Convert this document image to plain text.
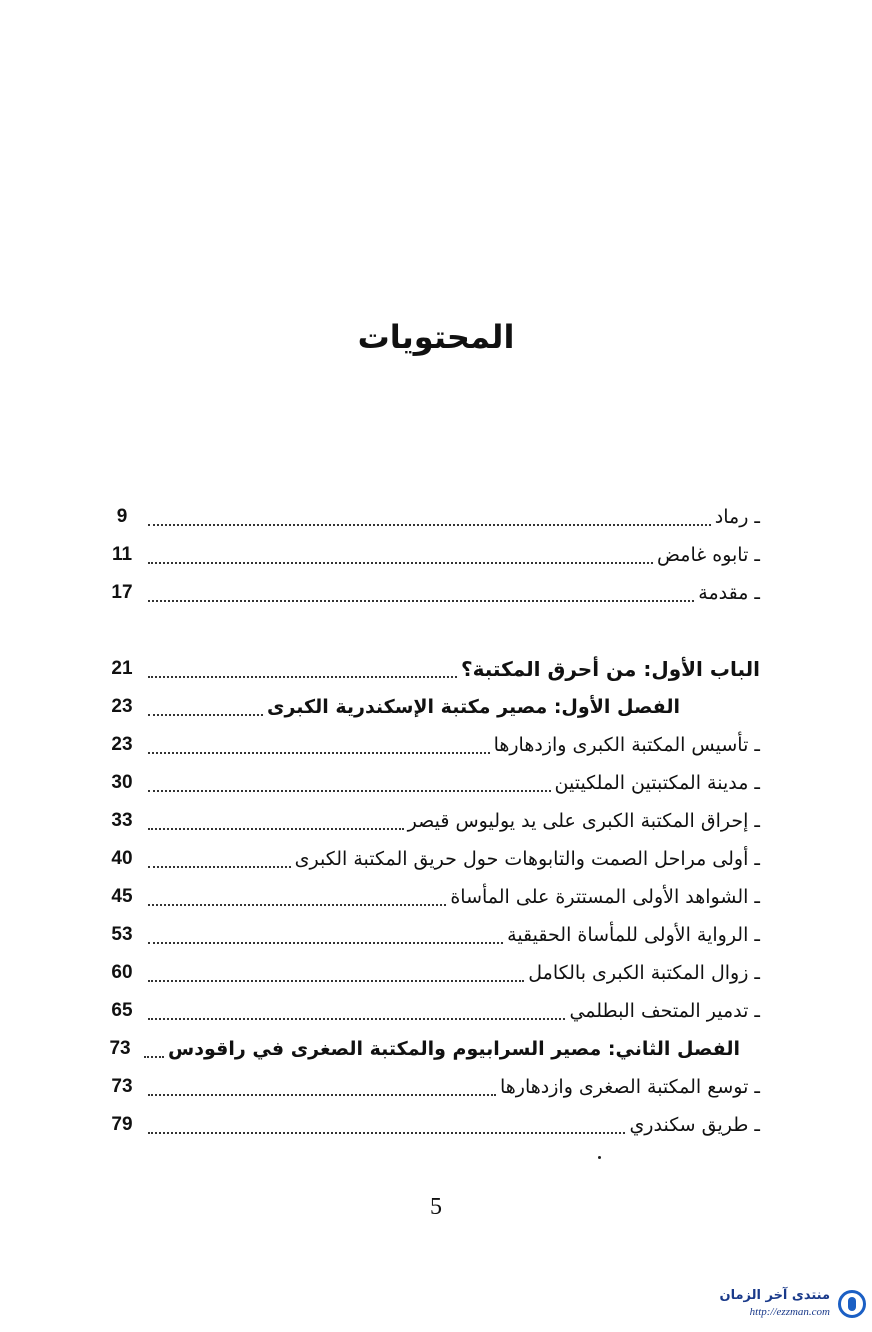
المحتويات
ـ رماد
9
ـ تابوه غامض
11
ـ مقدمة
17
الباب الأول: من أحرق المكتبة؟
21
الفصل الأول: مصير مكتبة الإسكندرية الكبرى
23
ـ تأسيس المكتبة الكبرى وازدهارها
23
ـ مدينة المكتبتين الملكيتين
30
ـ إحراق المكتبة الكبرى على يد يوليوس قيصر
33
ـ أولى مراحل الصمت والتابوهات حول حريق المكتبة الكبرى
40
ـ الشواهد الأولى المستترة على المأساة
45
ـ الرواية الأولى للمأساة الحقيقية
53
ـ زوال المكتبة الكبرى بالكامل
60
ـ تدمير المتحف البطلمي
65
الفصل الثاني: مصير السرابيوم والمكتبة الصغرى في راقودس
73
ـ توسع المكتبة الصغرى وازدهارها
73
ـ طريق سكندري
79
5
منتدى آخر الزمان
http://ezzman.com
